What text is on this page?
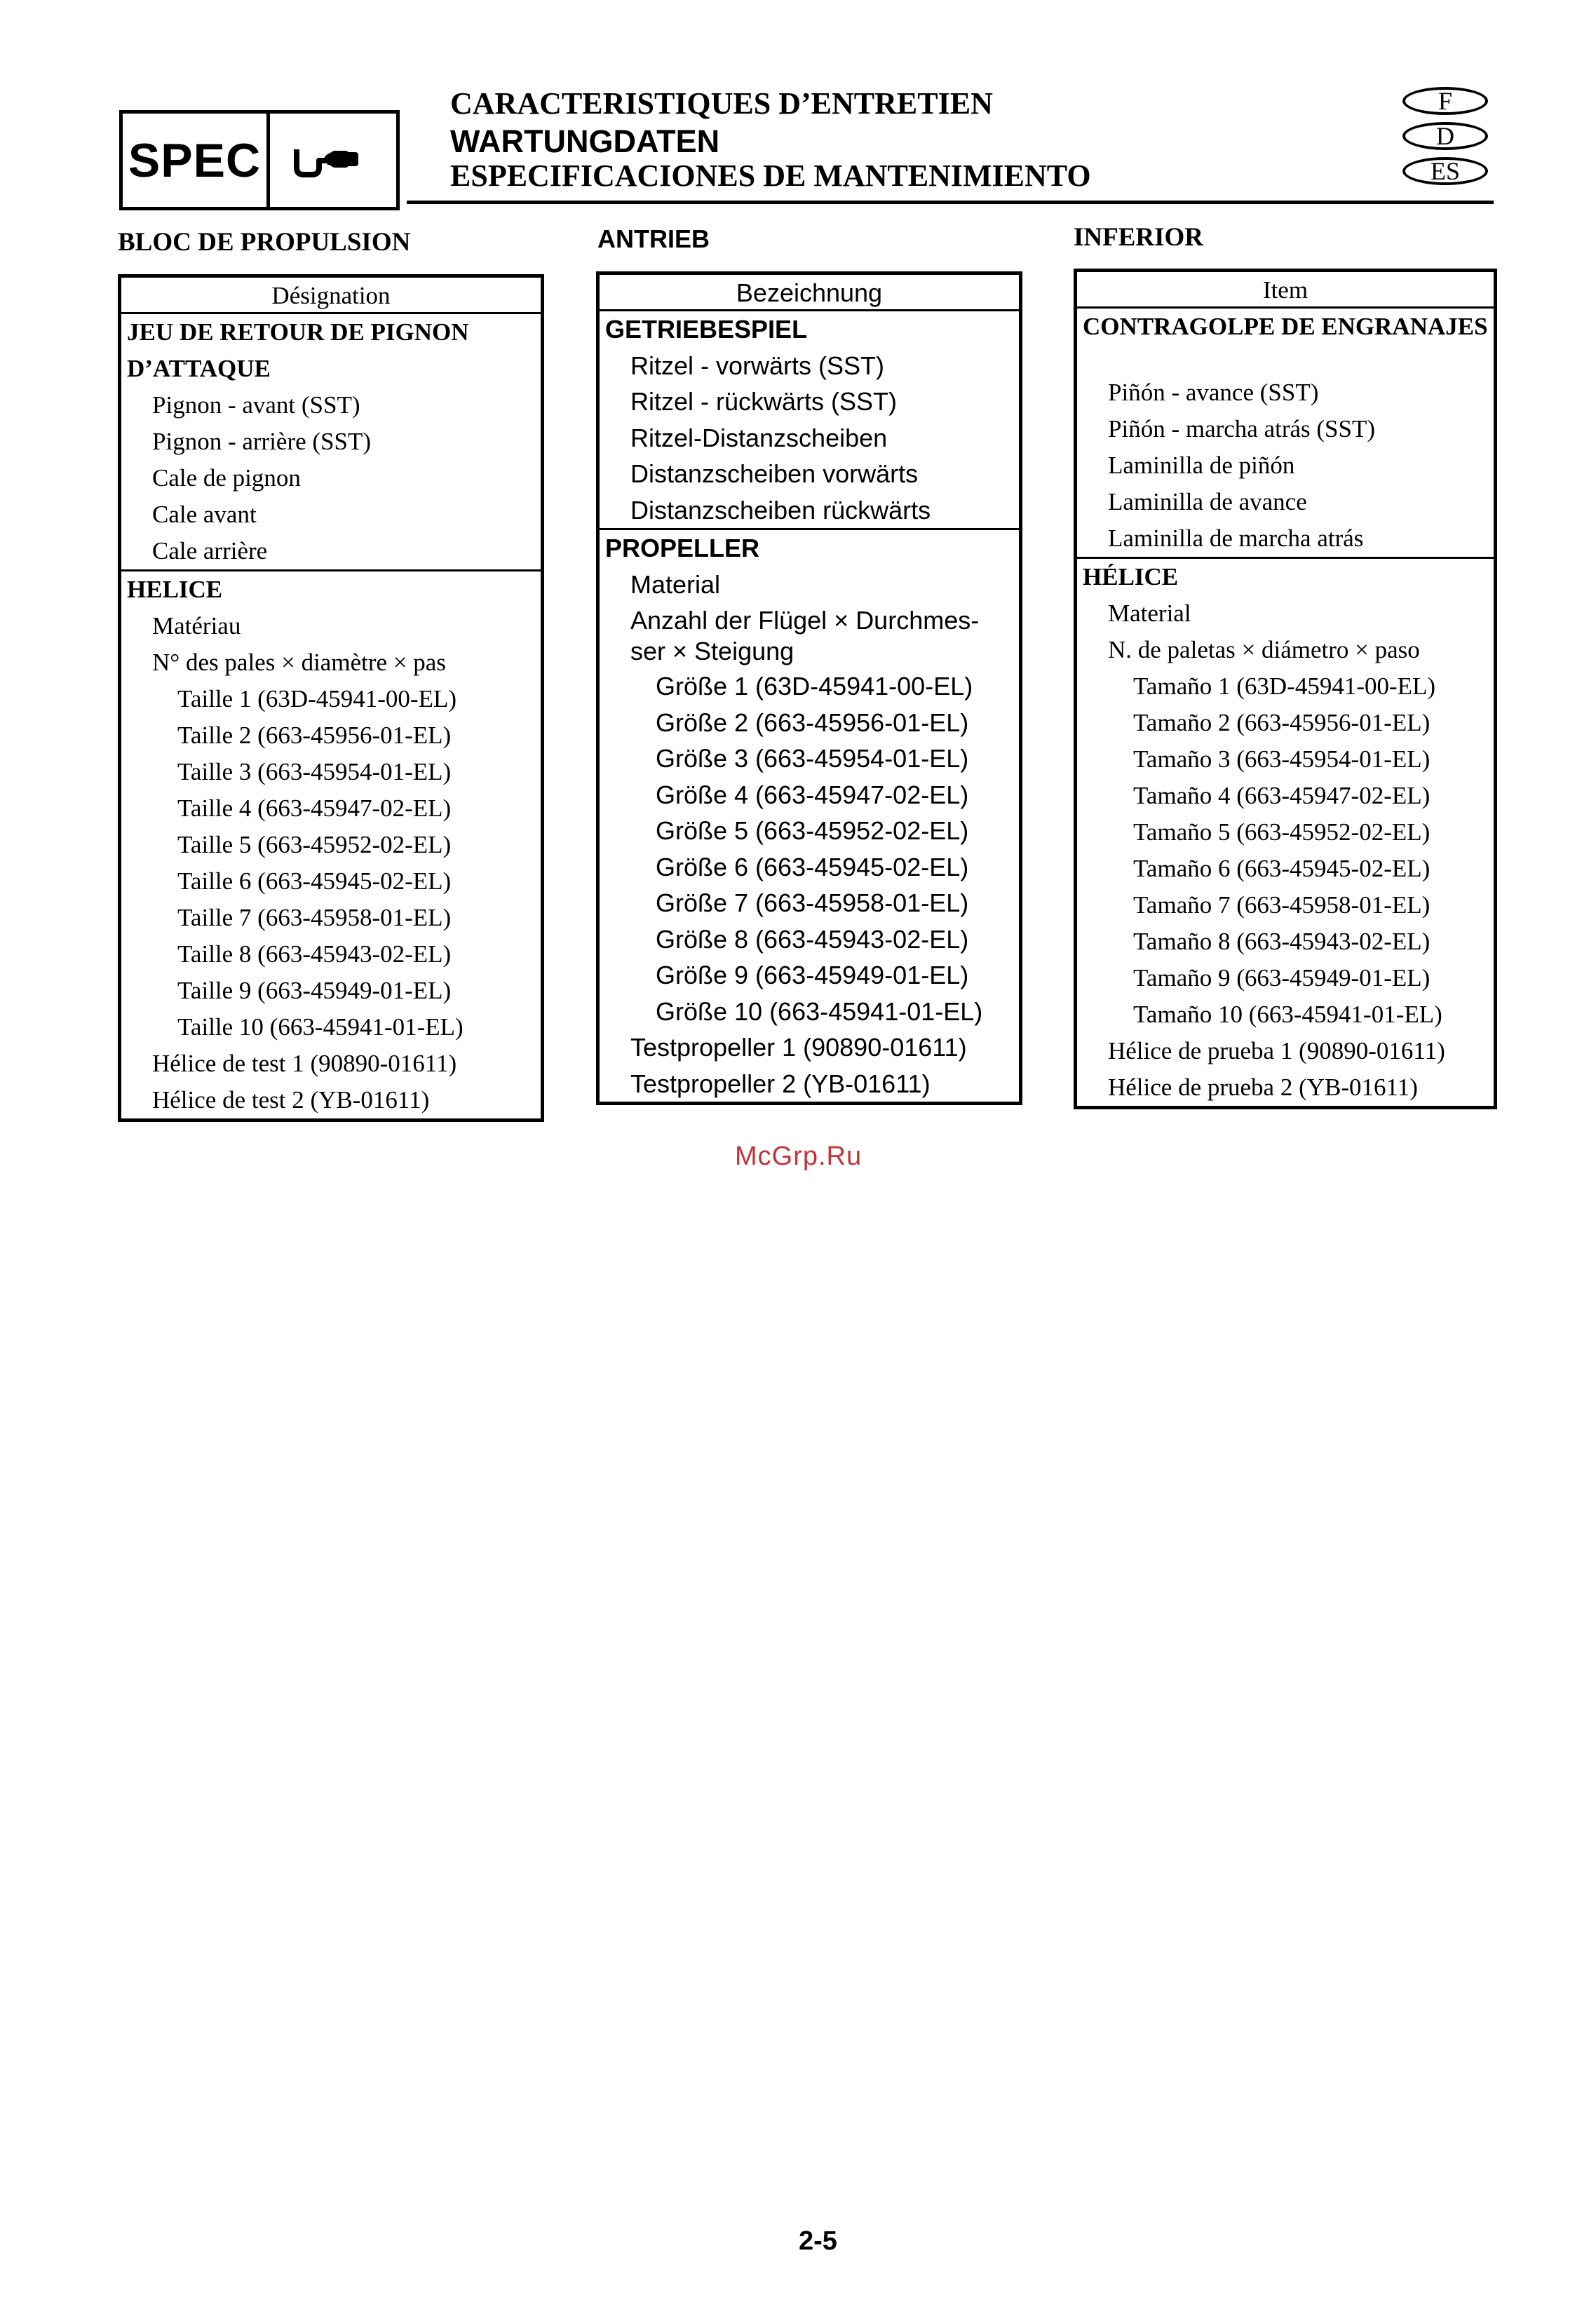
SPEC
CARACTERISTIQUES D’ENTRETIEN
WARTUNGDATEN
ESPECIFICACIONES DE MANTENIMIENTO
F
D
ES
BLOC DE PROPULSION
Désignation
JEU DE RETOUR DE PIGNON
D’ATTAQUE
Pignon - avant (SST)
Pignon - arrière (SST)
Cale de pignon
Cale avant
Cale arrière
HELICE
Matériau
N° des pales × diamètre × pas
Taille 1 (63D-45941-00-EL)
Taille 2 (663-45956-01-EL)
Taille 3 (663-45954-01-EL)
Taille 4 (663-45947-02-EL)
Taille 5 (663-45952-02-EL)
Taille 6 (663-45945-02-EL)
Taille 7 (663-45958-01-EL)
Taille 8 (663-45943-02-EL)
Taille 9 (663-45949-01-EL)
Taille 10 (663-45941-01-EL)
Hélice de test 1 (90890-01611)
Hélice de test 2 (YB-01611)
ANTRIEB
Bezeichnung
GETRIEBESPIEL
Ritzel - vorwärts (SST)
Ritzel - rückwärts (SST)
Ritzel-Distanzscheiben
Distanzscheiben vorwärts
Distanzscheiben rückwärts
PROPELLER
Material
Anzahl der Flügel × Durchmes- ser × Steigung
Größe 1 (63D-45941-00-EL)
Größe 2 (663-45956-01-EL)
Größe 3 (663-45954-01-EL)
Größe 4 (663-45947-02-EL)
Größe 5 (663-45952-02-EL)
Größe 6 (663-45945-02-EL)
Größe 7 (663-45958-01-EL)
Größe 8 (663-45943-02-EL)
Größe 9 (663-45949-01-EL)
Größe 10 (663-45941-01-EL)
Testpropeller 1 (90890-01611)
Testpropeller 2 (YB-01611)
INFERIOR
Item
CONTRAGOLPE DE ENGRANAJES
Piñón - avance (SST)
Piñón - marcha atrás (SST)
Laminilla de piñón
Laminilla de avance
Laminilla de marcha atrás
HÉLICE
Material
N. de paletas × diámetro × paso
Tamaño 1 (63D-45941-00-EL)
Tamaño 2 (663-45956-01-EL)
Tamaño 3 (663-45954-01-EL)
Tamaño 4 (663-45947-02-EL)
Tamaño 5 (663-45952-02-EL)
Tamaño 6 (663-45945-02-EL)
Tamaño 7 (663-45958-01-EL)
Tamaño 8 (663-45943-02-EL)
Tamaño 9 (663-45949-01-EL)
Tamaño 10 (663-45941-01-EL)
Hélice de prueba 1 (90890-01611)
Hélice de prueba 2 (YB-01611)
McGrp.Ru
2-5
